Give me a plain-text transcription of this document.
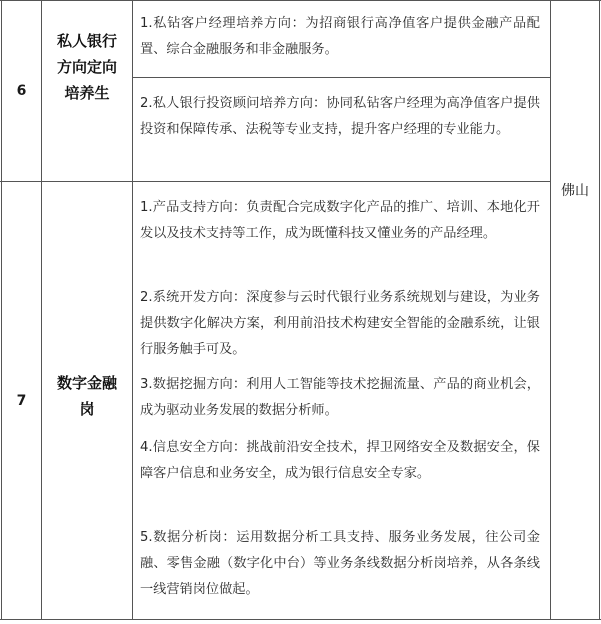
6
私人银行
方向定向
培养生

1.私钻客户经理培养方向：为招商银行高净值客户提供金融产品配置、综合金融服务和非金融服务。

2.私人银行投资顾问培养方向：协同私钻客户经理为高净值客户提供投资和保障传承、法税等专业支持，提升客户经理的专业能力。

7
数字金融
岗

1.产品支持方向：负责配合完成数字化产品的推广、培训、本地化开发以及技术支持等工作，成为既懂科技又懂业务的产品经理。

2.系统开发方向：深度参与云时代银行业务系统规划与建设，为业务提供数字化解决方案，利用前沿技术构建安全智能的金融系统，让银行服务触手可及。

3.数据挖掘方向：利用人工智能等技术挖掘流量、产品的商业机会，成为驱动业务发展的数据分析师。

4.信息安全方向：挑战前沿安全技术，捍卫网络安全及数据安全，保障客户信息和业务安全，成为银行信息安全专家。

5.数据分析岗：运用数据分析工具支持、服务业务发展，往公司金融、零售金融（数字化中台）等业务条线数据分析岗培养，从各条线一线营销岗位做起。

佛山
